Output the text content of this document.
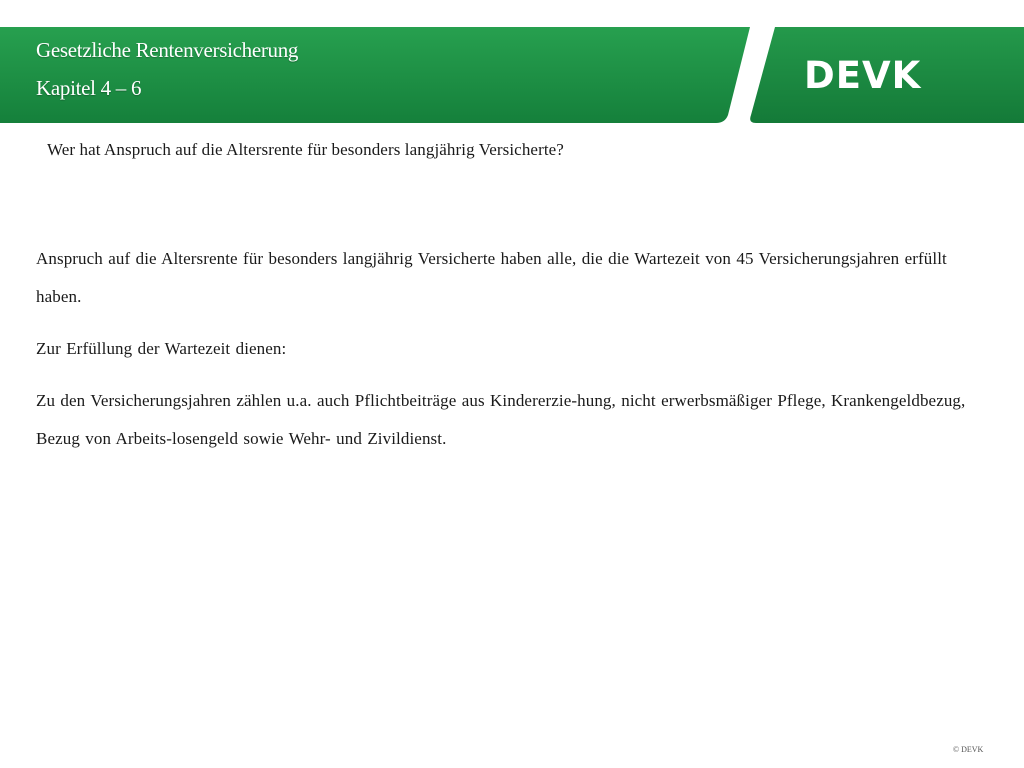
Gesetzliche Rentenversicherung
Kapitel 4 – 6	DEVK
Wer hat Anspruch auf die Altersrente für besonders langjährig Versicherte?

Anspruch auf die Altersrente für besonders langjährig Versicherte haben alle, die die Wartezeit von 45 Versicherungsjahren erfüllt haben.

Zur Erfüllung der Wartezeit dienen:

Zu den Versicherungsjahren zählen u.a. auch Pflichtbeiträge aus Kindererzie-hung, nicht erwerbsmäßiger Pflege, Krankengeldbezug, Bezug von Arbeits-losengeld sowie Wehr- und Zivildienst.

© DEVK
